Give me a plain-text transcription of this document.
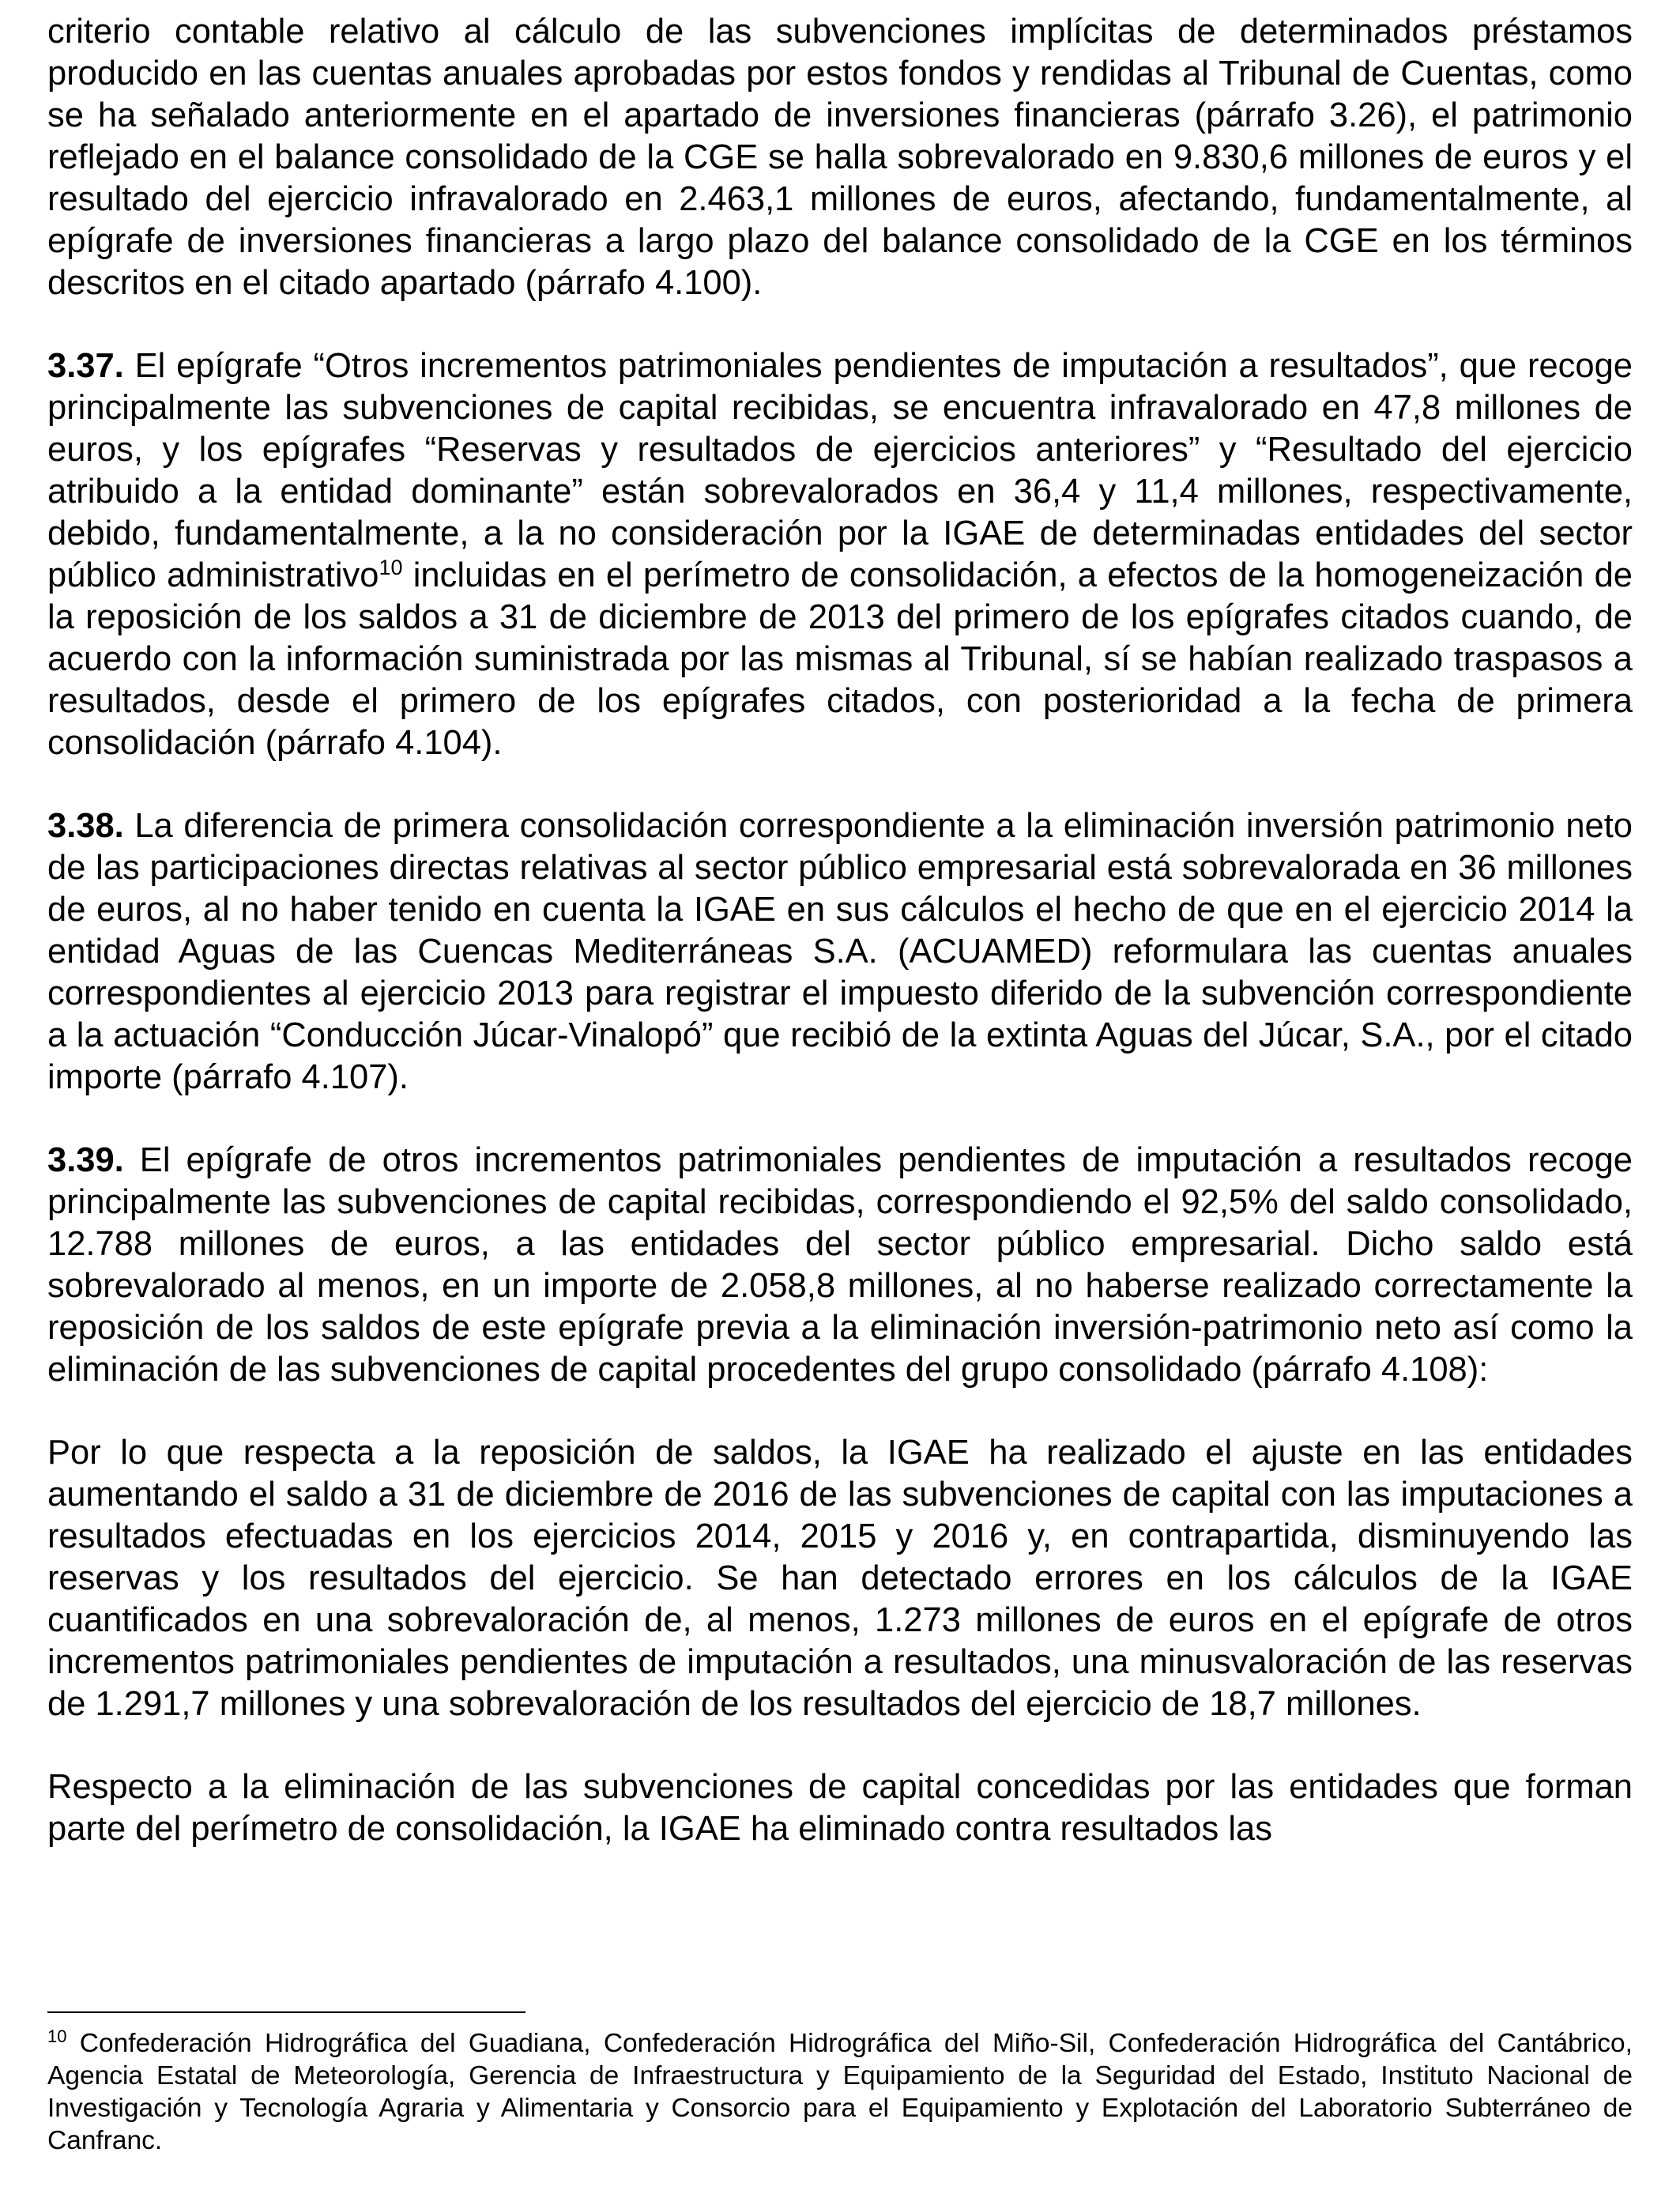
criterio contable relativo al cálculo de las subvenciones implícitas de determinados préstamos producido en las cuentas anuales aprobadas por estos fondos y rendidas al Tribunal de Cuentas, como se ha señalado anteriormente en el apartado de inversiones financieras (párrafo 3.26), el patrimonio reflejado en el balance consolidado de la CGE se halla sobrevalorado en 9.830,6 millones de euros y el resultado del ejercicio infravalorado en 2.463,1 millones de euros, afectando, fundamentalmente, al epígrafe de inversiones financieras a largo plazo del balance consolidado de la CGE en los términos descritos en el citado apartado (párrafo 4.100).

3.37. El epígrafe “Otros incrementos patrimoniales pendientes de imputación a resultados”, que recoge principalmente las subvenciones de capital recibidas, se encuentra infravalorado en 47,8 millones de euros, y los epígrafes “Reservas y resultados de ejercicios anteriores” y “Resultado del ejercicio atribuido a la entidad dominante” están sobrevalorados en 36,4 y 11,4 millones, respectivamente, debido, fundamentalmente, a la no consideración por la IGAE de determinadas entidades del sector público administrativo$^{10}$ incluidas en el perímetro de consolidación, a efectos de la homogeneización de la reposición de los saldos a 31 de diciembre de 2013 del primero de los epígrafes citados cuando, de acuerdo con la información suministrada por las mismas al Tribunal, sí se habían realizado traspasos a resultados, desde el primero de los epígrafes citados, con posterioridad a la fecha de primera consolidación (párrafo 4.104).

3.38. La diferencia de primera consolidación correspondiente a la eliminación inversión patrimonio neto de las participaciones directas relativas al sector público empresarial está sobrevalorada en 36 millones de euros, al no haber tenido en cuenta la IGAE en sus cálculos el hecho de que en el ejercicio 2014 la entidad Aguas de las Cuencas Mediterráneas S.A. (ACUAMED) reformulara las cuentas anuales correspondientes al ejercicio 2013 para registrar el impuesto diferido de la subvención correspondiente a la actuación “Conducción Júcar-Vinalopó” que recibió de la extinta Aguas del Júcar, S.A., por el citado importe (párrafo 4.107).

3.39. El epígrafe de otros incrementos patrimoniales pendientes de imputación a resultados recoge principalmente las subvenciones de capital recibidas, correspondiendo el 92,5% del saldo consolidado, 12.788 millones de euros, a las entidades del sector público empresarial. Dicho saldo está sobrevalorado al menos, en un importe de 2.058,8 millones, al no haberse realizado correctamente la reposición de los saldos de este epígrafe previa a la eliminación inversión-patrimonio neto así como la eliminación de las subvenciones de capital procedentes del grupo consolidado (párrafo 4.108):

Por lo que respecta a la reposición de saldos, la IGAE ha realizado el ajuste en las entidades aumentando el saldo a 31 de diciembre de 2016 de las subvenciones de capital con las imputaciones a resultados efectuadas en los ejercicios 2014, 2015 y 2016 y, en contrapartida, disminuyendo las reservas y los resultados del ejercicio. Se han detectado errores en los cálculos de la IGAE cuantificados en una sobrevaloración de, al menos, 1.273 millones de euros en el epígrafe de otros incrementos patrimoniales pendientes de imputación a resultados, una minusvaloración de las reservas de 1.291,7 millones y una sobrevaloración de los resultados del ejercicio de 18,7 millones.

Respecto a la eliminación de las subvenciones de capital concedidas por las entidades que forman parte del perímetro de consolidación, la IGAE ha eliminado contra resultados las

$^{10}$ Confederación Hidrográfica del Guadiana, Confederación Hidrográfica del Miño-Sil, Confederación Hidrográfica del Cantábrico, Agencia Estatal de Meteorología, Gerencia de Infraestructura y Equipamiento de la Seguridad del Estado, Instituto Nacional de Investigación y Tecnología Agraria y Alimentaria y Consorcio para el Equipamiento y Explotación del Laboratorio Subterráneo de Canfranc.
